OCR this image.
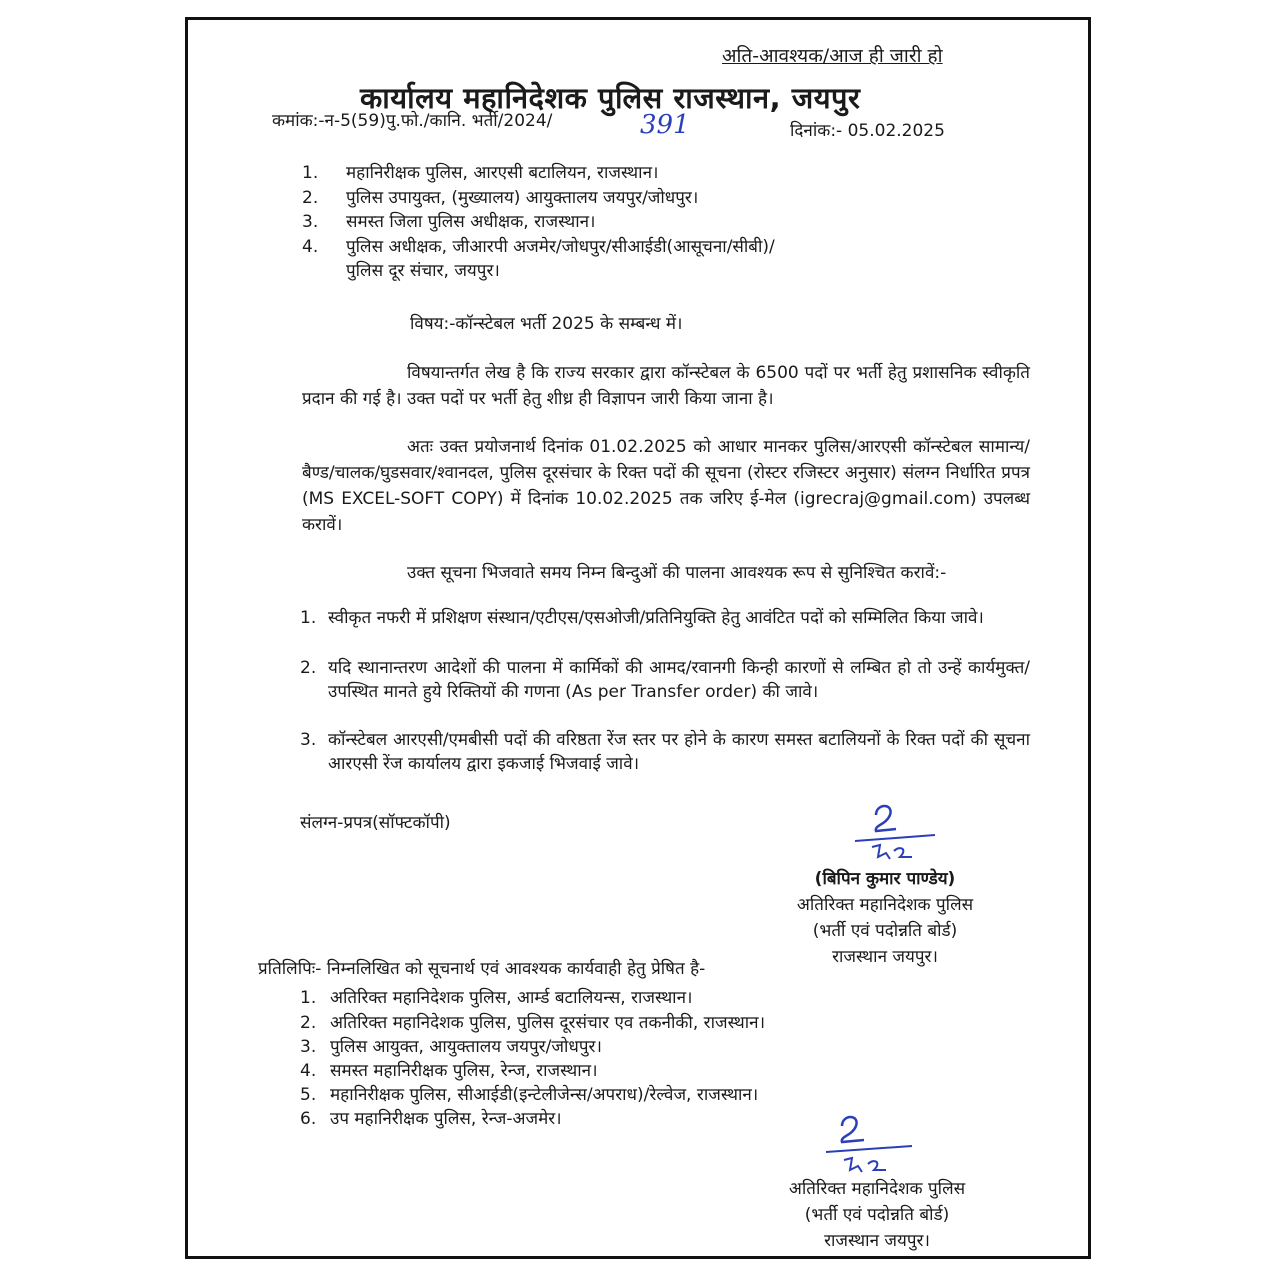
अति-आवश्यक/आज ही जारी हो
कार्यालय महानिदेशक पुलिस राजस्थान, जयपुर
कमांक:-न-5(59)पु.फो./कानि. भर्ती/2024/	391	दिनांक:- 05.02.2025
1. महानिरीक्षक पुलिस, आरएसी बटालियन, राजस्थान।
2. पुलिस उपायुक्त, (मुख्यालय) आयुक्तालय जयपुर/जोधपुर।
3. समस्त जिला पुलिस अधीक्षक, राजस्थान।
4. पुलिस अधीक्षक, जीआरपी अजमेर/जोधपुर/सीआईडी(आसूचना/सीबी)/
पुलिस दूर संचार, जयपुर।
विषय:-कॉन्स्टेबल भर्ती 2025 के सम्बन्ध में।
विषयान्तर्गत लेख है कि राज्य सरकार द्वारा कॉन्स्टेबल के 6500 पदों पर भर्ती हेतु प्रशासनिक स्वीकृति प्रदान की गई है। उक्त पदों पर भर्ती हेतु शीध्र ही विज्ञापन जारी किया जाना है।
अतः उक्त प्रयोजनार्थ दिनांक 01.02.2025 को आधार मानकर पुलिस/आरएसी कॉन्स्टेबल सामान्य/बैण्ड/चालक/घुडसवार/श्वानदल, पुलिस दूरसंचार के रिक्त पदों की सूचना (रोस्टर रजिस्टर अनुसार) संलग्न निर्धारित प्रपत्र (MS EXCEL-SOFT COPY) में दिनांक 10.02.2025 तक जरिए ई-मेल (igrecraj@gmail.com) उपलब्ध करावें।
उक्त सूचना भिजवाते समय निम्न बिन्दुओं की पालना आवश्यक रूप से सुनिश्चित करावें:-
1. स्वीकृत नफरी में प्रशिक्षण संस्थान/एटीएस/एसओजी/प्रतिनियुक्ति हेतु आवंटित पदों को सम्मिलित किया जावे।
2. यदि स्थानान्तरण आदेशों की पालना में कार्मिकों की आमद/रवानगी किन्ही कारणों से लम्बित हो तो उन्हें कार्यमुक्त/उपस्थित मानते हुये रिक्तियों की गणना (As per Transfer order) की जावे।
3. कॉन्स्टेबल आरएसी/एमबीसी पदों की वरिष्ठता रेंज स्तर पर होने के कारण समस्त बटालियनों के रिक्त पदों की सूचना आरएसी रेंज कार्यालय द्वारा इकजाई भिजवाई जावे।
संलग्न-प्रपत्र(सॉफ्टकॉपी)
(बिपिन कुमार पाण्डेय)
अतिरिक्त महानिदेशक पुलिस
(भर्ती एवं पदोन्नति बोर्ड)
राजस्थान जयपुर।
प्रतिलिपिः- निम्नलिखित को सूचनार्थ एवं आवश्यक कार्यवाही हेतु प्रेषित है-
1. अतिरिक्त महानिदेशक पुलिस, आर्म्ड बटालियन्स, राजस्थान।
2. अतिरिक्त महानिदेशक पुलिस, पुलिस दूरसंचार एव तकनीकी, राजस्थान।
3. पुलिस आयुक्त, आयुक्तालय जयपुर/जोधपुर।
4. समस्त महानिरीक्षक पुलिस, रेन्ज, राजस्थान।
5. महानिरीक्षक पुलिस, सीआईडी(इन्टेलीजेन्स/अपराध)/रेल्वेज, राजस्थान।
6. उप महानिरीक्षक पुलिस, रेन्ज-अजमेर।
अतिरिक्त महानिदेशक पुलिस
(भर्ती एवं पदोन्नति बोर्ड)
राजस्थान जयपुर।
